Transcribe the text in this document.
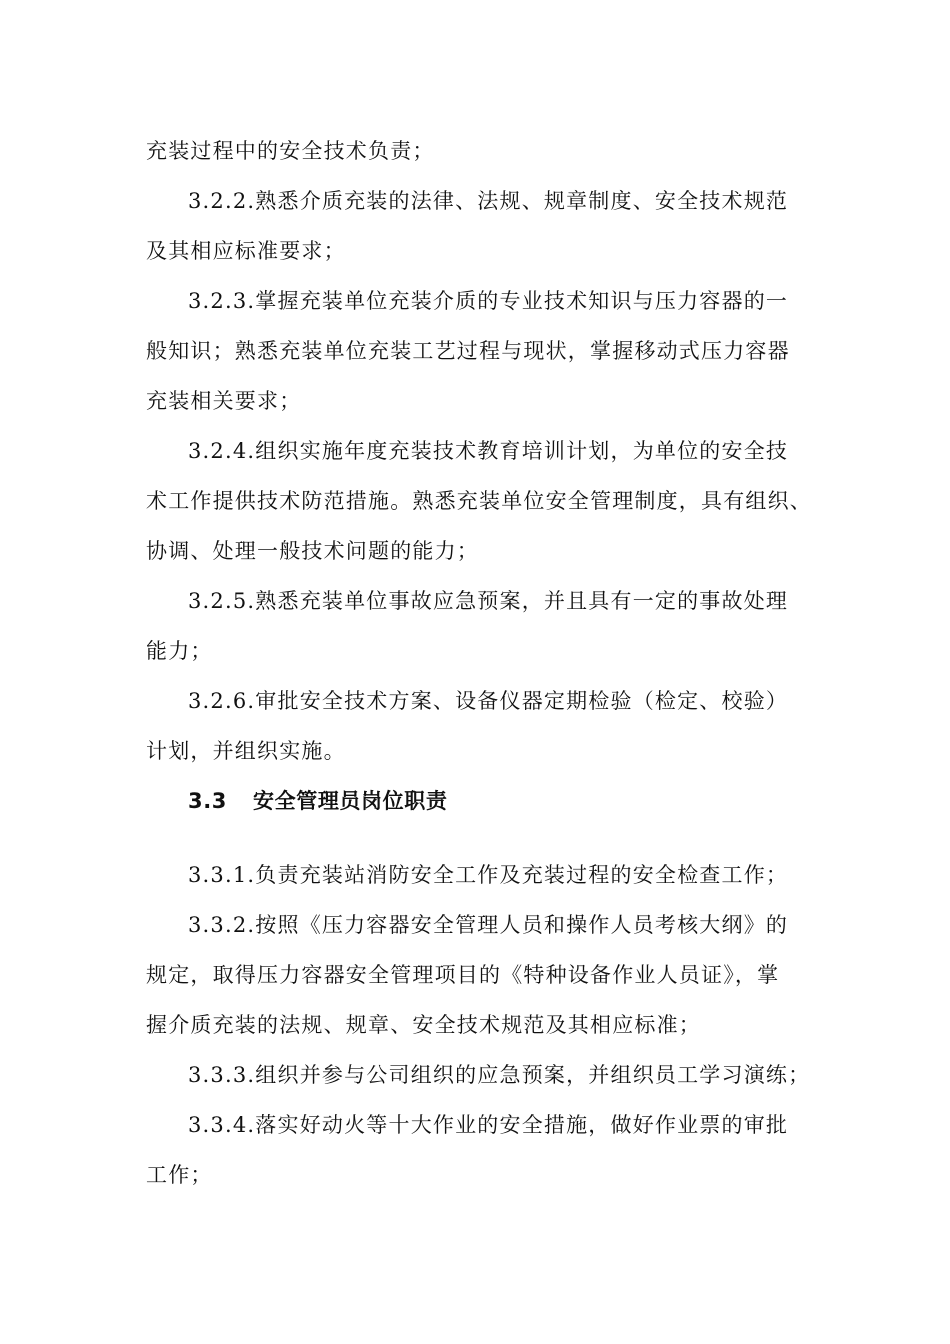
充装过程中的安全技术负责；
3.2.2.熟悉介质充装的法律、法规、规章制度、安全技术规范
及其相应标准要求；
3.2.3.掌握充装单位充装介质的专业技术知识与压力容器的一
般知识；熟悉充装单位充装工艺过程与现状，掌握移动式压力容器
充装相关要求；
3.2.4.组织实施年度充装技术教育培训计划，为单位的安全技
术工作提供技术防范措施。熟悉充装单位安全管理制度，具有组织、
协调、处理一般技术问题的能力；
3.2.5.熟悉充装单位事故应急预案，并且具有一定的事故处理
能力；
3.2.6.审批安全技术方案、设备仪器定期检验（检定、校验）
计划，并组织实施。
3.3 安全管理员岗位职责
3.3.1.负责充装站消防安全工作及充装过程的安全检查工作；
3.3.2.按照《压力容器安全管理人员和操作人员考核大纲》的
规定，取得压力容器安全管理项目的《特种设备作业人员证》，掌
握介质充装的法规、规章、安全技术规范及其相应标准；
3.3.3.组织并参与公司组织的应急预案，并组织员工学习演练；
3.3.4.落实好动火等十大作业的安全措施，做好作业票的审批
工作；
